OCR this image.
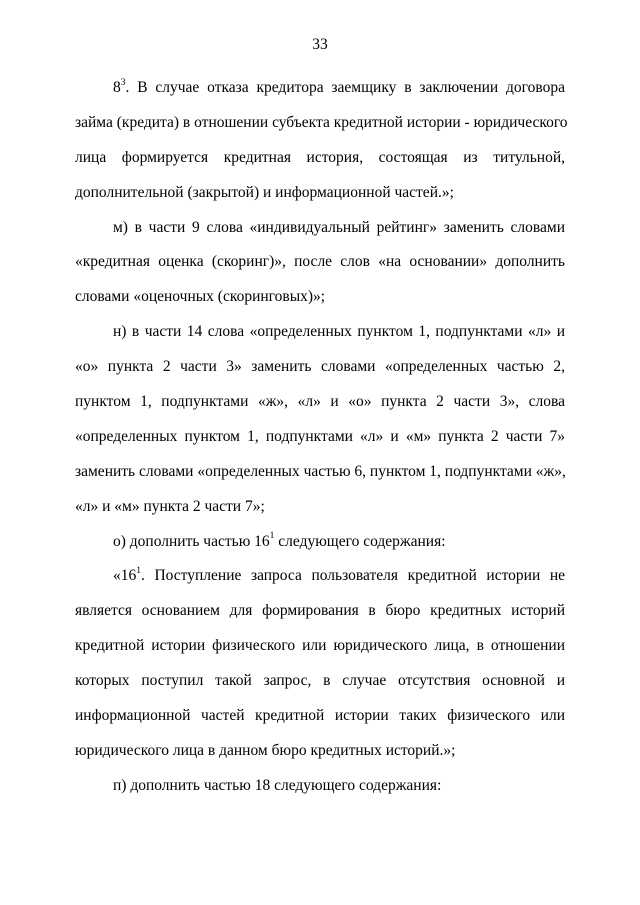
33
$8^3$. В случае отказа кредитора заемщику в заключении договора
займа (кредита) в отношении субъекта кредитной истории - юридического
лица формируется кредитная история, состоящая из титульной,
дополнительной (закрытой) и информационной частей.»;
м) в части 9 слова «индивидуальный рейтинг» заменить словами
«кредитная оценка (скоринг)», после слов «на основании» дополнить
словами «оценочных (скоринговых)»;
н) в части 14 слова «определенных пунктом 1, подпунктами «л» и
«о» пункта 2 части 3» заменить словами «определенных частью 2,
пунктом 1, подпунктами «ж», «л» и «о» пункта 2 части 3», слова
«определенных пунктом 1, подпунктами «л» и «м» пункта 2 части 7»
заменить словами «определенных частью 6, пунктом 1, подпунктами «ж»,
«л» и «м» пункта 2 части 7»;
о) дополнить частью $16^1$ следующего содержания:
«$16^1$. Поступление запроса пользователя кредитной истории не
является основанием для формирования в бюро кредитных историй
кредитной истории физического или юридического лица, в отношении
которых поступил такой запрос, в случае отсутствия основной и
информационной частей кредитной истории таких физического или
юридического лица в данном бюро кредитных историй.»;
п) дополнить частью 18 следующего содержания:
